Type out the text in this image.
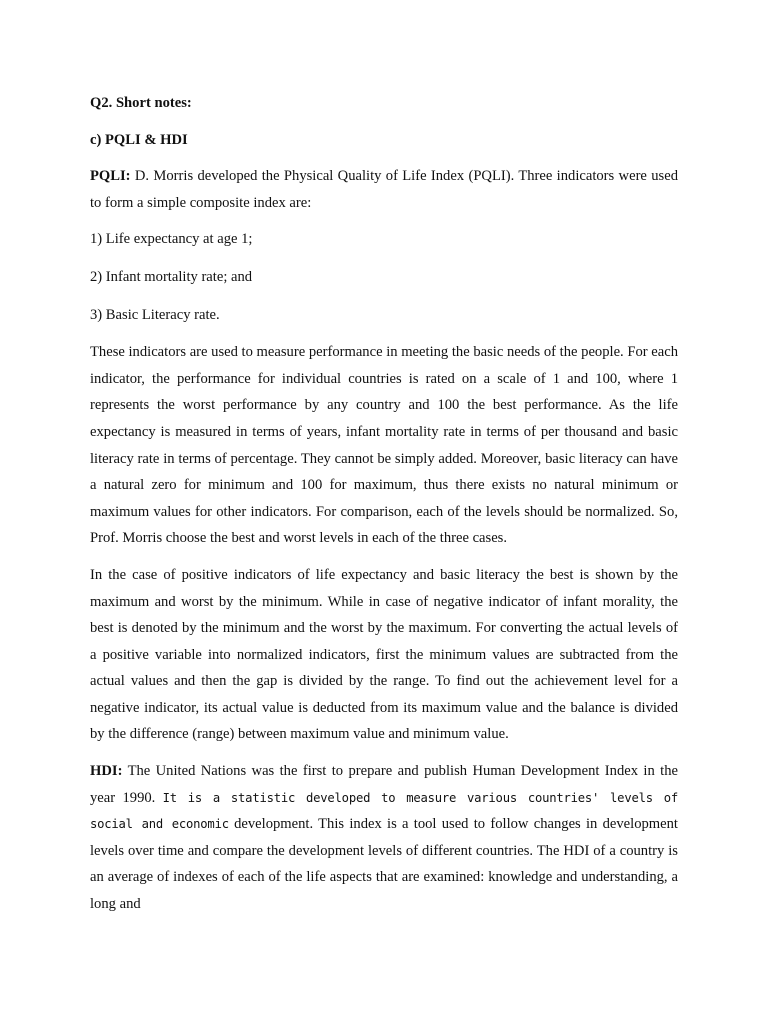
Q2. Short notes:

c) PQLI & HDI

PQLI: D. Morris developed the Physical Quality of Life Index (PQLI). Three indicators were used to form a simple composite index are:

1) Life expectancy at age 1;

2) Infant mortality rate; and

3) Basic Literacy rate.

These indicators are used to measure performance in meeting the basic needs of the people. For each indicator, the performance for individual countries is rated on a scale of 1 and 100, where 1 represents the worst performance by any country and 100 the best performance. As the life expectancy is measured in terms of years, infant mortality rate in terms of per thousand and basic literacy rate in terms of percentage. They cannot be simply added. Moreover, basic literacy can have a natural zero for minimum and 100 for maximum, thus there exists no natural minimum or maximum values for other indicators. For comparison, each of the levels should be normalized. So, Prof. Morris choose the best and worst levels in each of the three cases.

In the case of positive indicators of life expectancy and basic literacy the best is shown by the maximum and worst by the minimum. While in case of negative indicator of infant morality, the best is denoted by the minimum and the worst by the maximum. For converting the actual levels of a positive variable into normalized indicators, first the minimum values are subtracted from the actual values and then the gap is divided by the range. To find out the achievement level for a negative indicator, its actual value is deducted from its maximum value and the balance is divided by the difference (range) between maximum value and minimum value.

HDI: The United Nations was the first to prepare and publish Human Development Index in the year 1990. It is a statistic developed to measure various countries' levels of social and economic development. This index is a tool used to follow changes in development levels over time and compare the development levels of different countries. The HDI of a country is an average of indexes of each of the life aspects that are examined: knowledge and understanding, a long and
